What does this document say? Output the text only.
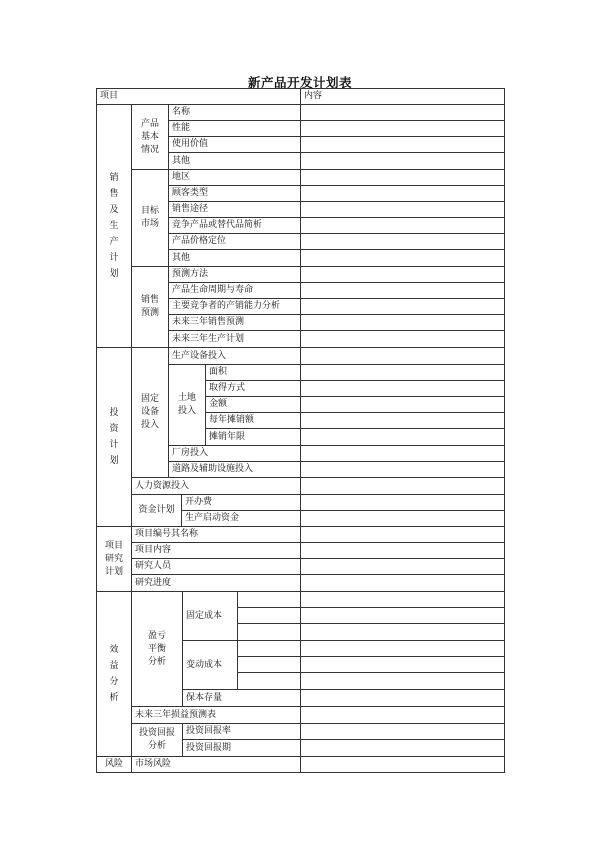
新产品开发计划表
项目	内容
销
售
及
生
产
计
划
产品
基本
情况
名称
性能
使用价值
其他
目标
市场
地区
顾客类型
销售途径
竞争产品或替代品简析
产品价格定位
其他
销售
预测
预测方法
产品生命周期与寿命
主要竞争者的产销能力分析
未来三年销售预测
未来三年生产计划
投
资
计
划
固定
设备
投入
生产设备投入
土地
投入
面积
取得方式
金额
每年摊销额
摊销年限
厂房投入
道路及辅助设施投入
人力资源投入
资金计划
开办费
生产启动资金
项目
研究
计划
项目编号其名称
项目内容
研究人员
研究进度
效
益
分
析
盈亏
平衡
分析
固定成本
变动成本
保本存量
未来三年损益预测表
投资回报
分析
投资回报率
投资回报期
风险	市场风险
